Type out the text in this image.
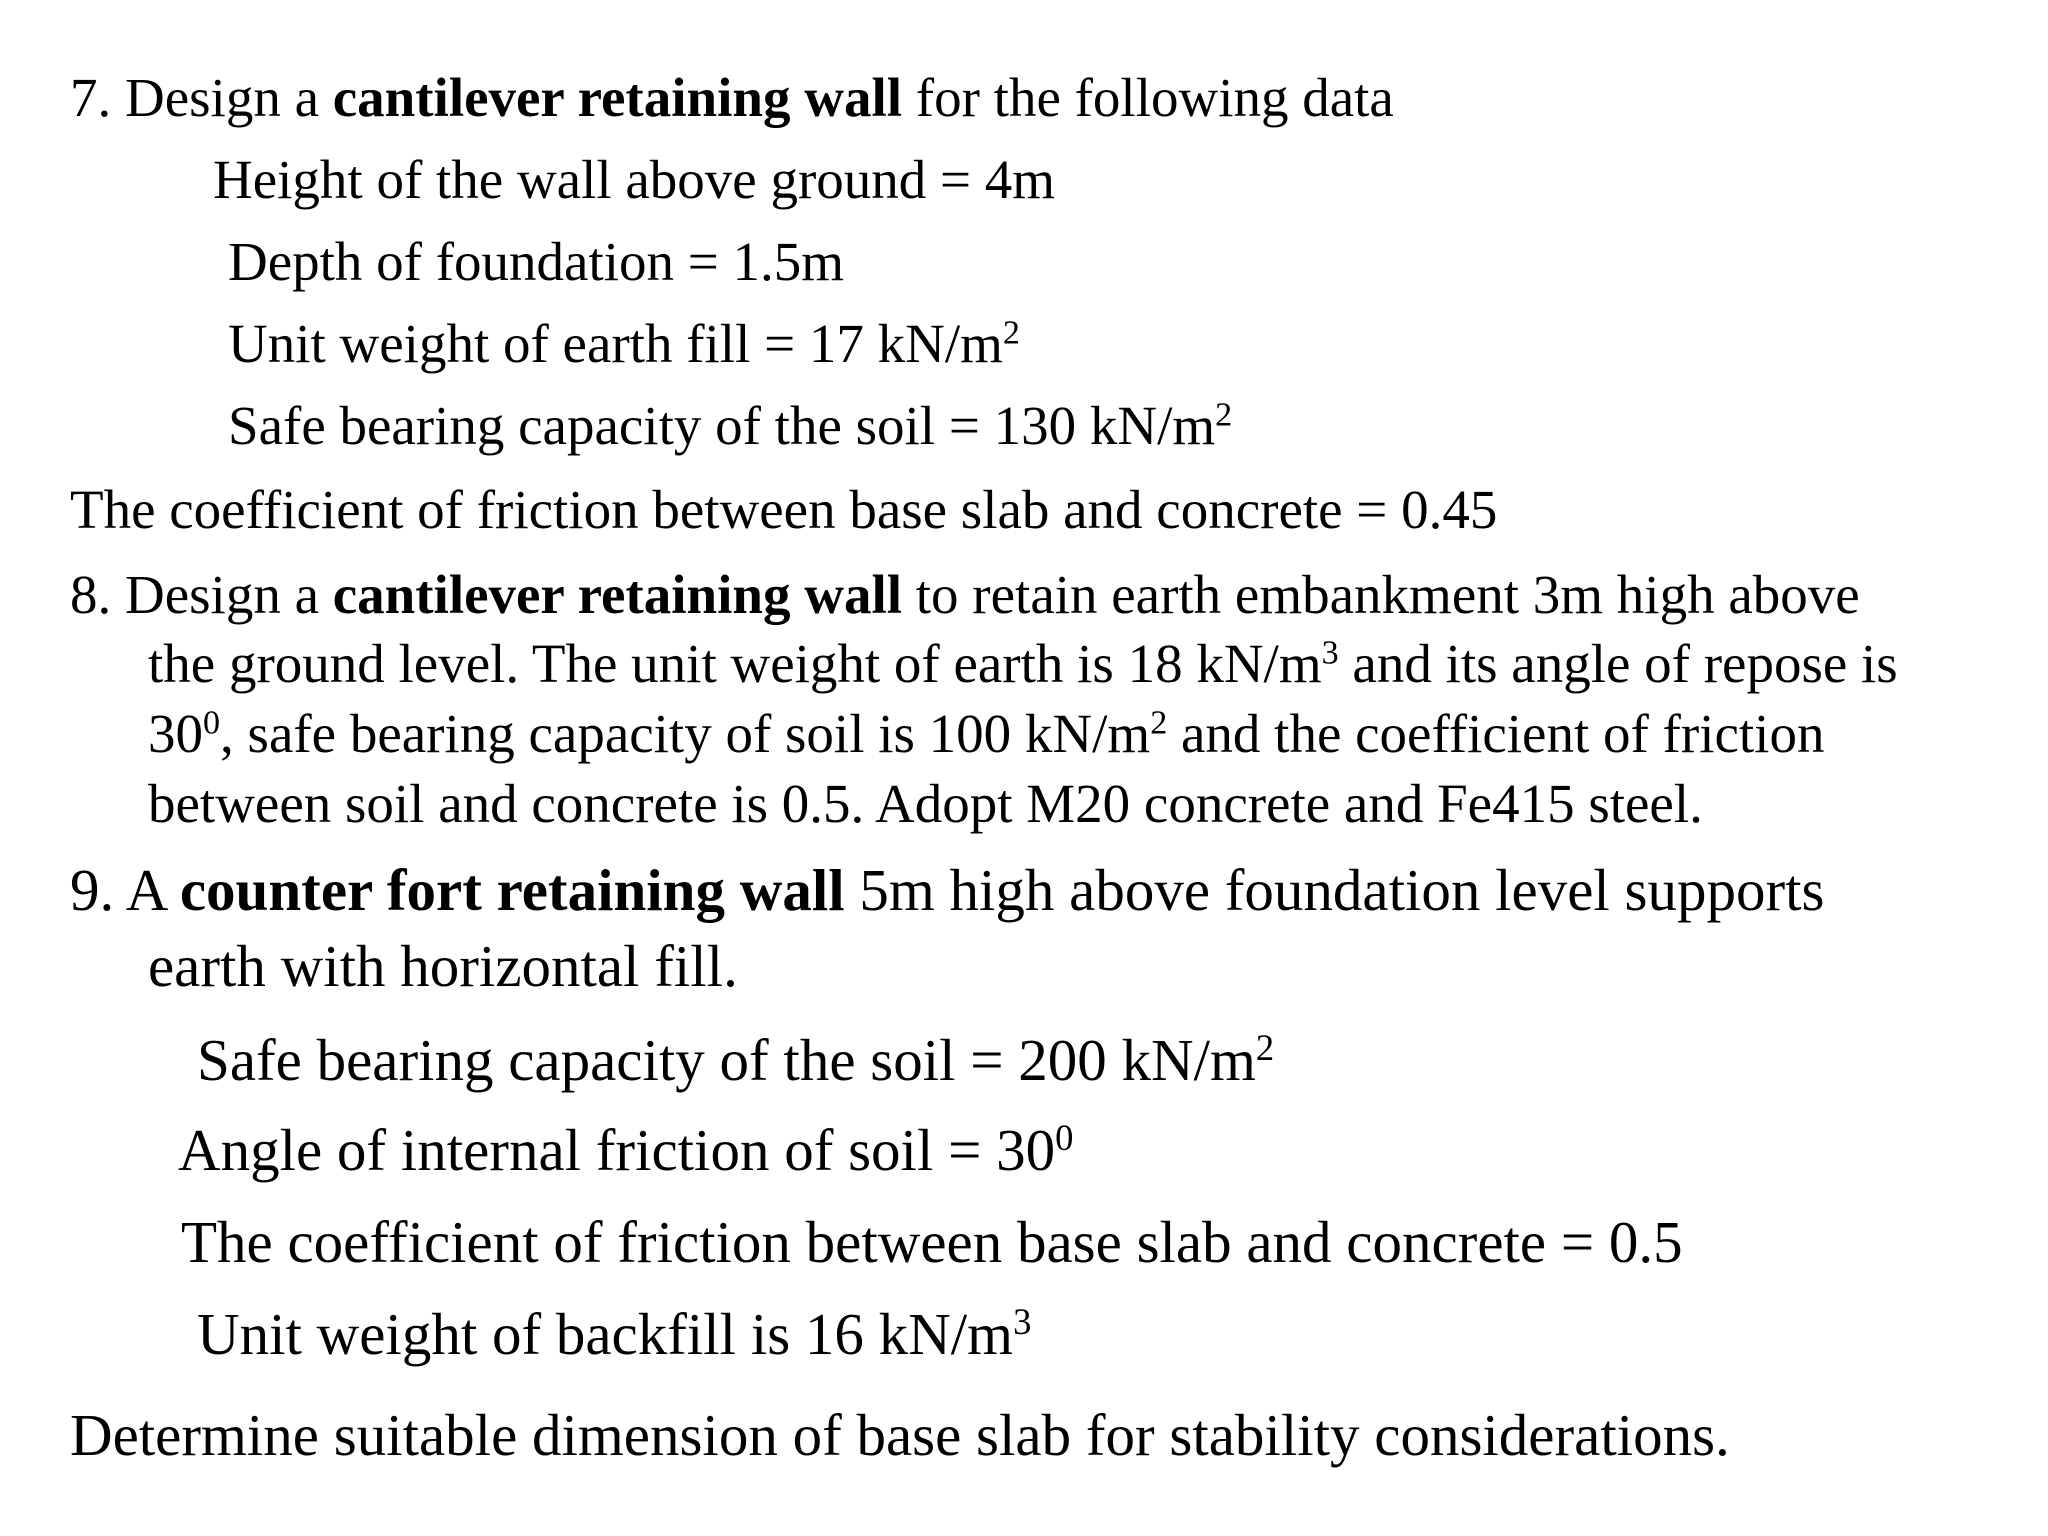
7. Design a cantilever retaining wall for the following data
Height of the wall above ground = 4m
Depth of foundation = 1.5m
Unit weight of earth fill = 17 $kN/m^2$
Safe bearing capacity of the soil = 130 $kN/m^2$
The coefficient of friction between base slab and concrete = 0.45
8. Design a cantilever retaining wall to retain earth embankment 3m high above
the ground level. The unit weight of earth is 18 $kN/m^3$ and its angle of repose is
$30^0$, safe bearing capacity of soil is 100 $kN/m^2$ and the coefficient of friction
between soil and concrete is 0.5. Adopt M20 concrete and Fe415 steel.
9. A counter fort retaining wall 5m high above foundation level supports
earth with horizontal fill.
Safe bearing capacity of the soil = 200 $kN/m^2$
Angle of internal friction of soil = $30^0$
The coefficient of friction between base slab and concrete = 0.5
Unit weight of backfill is 16 $kN/m^3$
Determine suitable dimension of base slab for stability considerations.
